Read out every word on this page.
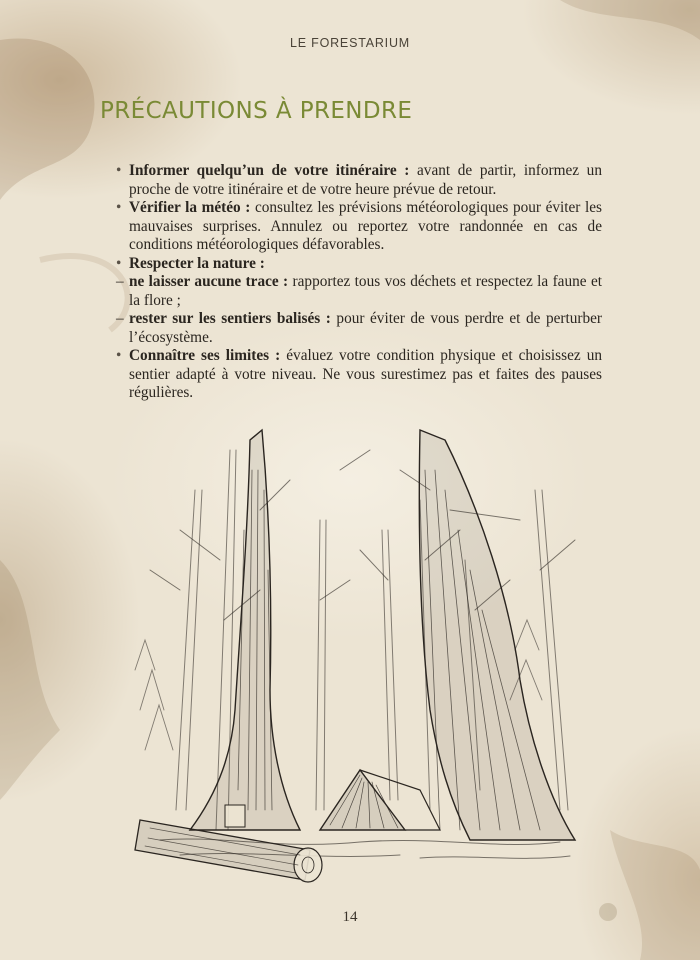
LE FORESTARIUM
PRÉCAUTIONS À PRENDRE

• Informer quelqu’un de votre itinéraire : avant de partir, informez un proche de votre itinéraire et de votre heure prévue de retour.

• Vérifier la météo : consultez les prévisions météorologiques pour éviter les mauvaises surprises. Annulez ou reportez votre randonnée en cas de conditions météorologiques défavorables.

• Respecter la nature :

– ne laisser aucune trace : rapportez tous vos déchets et respectez la faune et la flore ;

– rester sur les sentiers balisés : pour éviter de vous perdre et de perturber l’écosystème.

• Connaître ses limites : évaluez votre condition physique et choisissez un sentier adapté à votre niveau. Ne vous surestimez pas et faites des pauses régulières.

14
